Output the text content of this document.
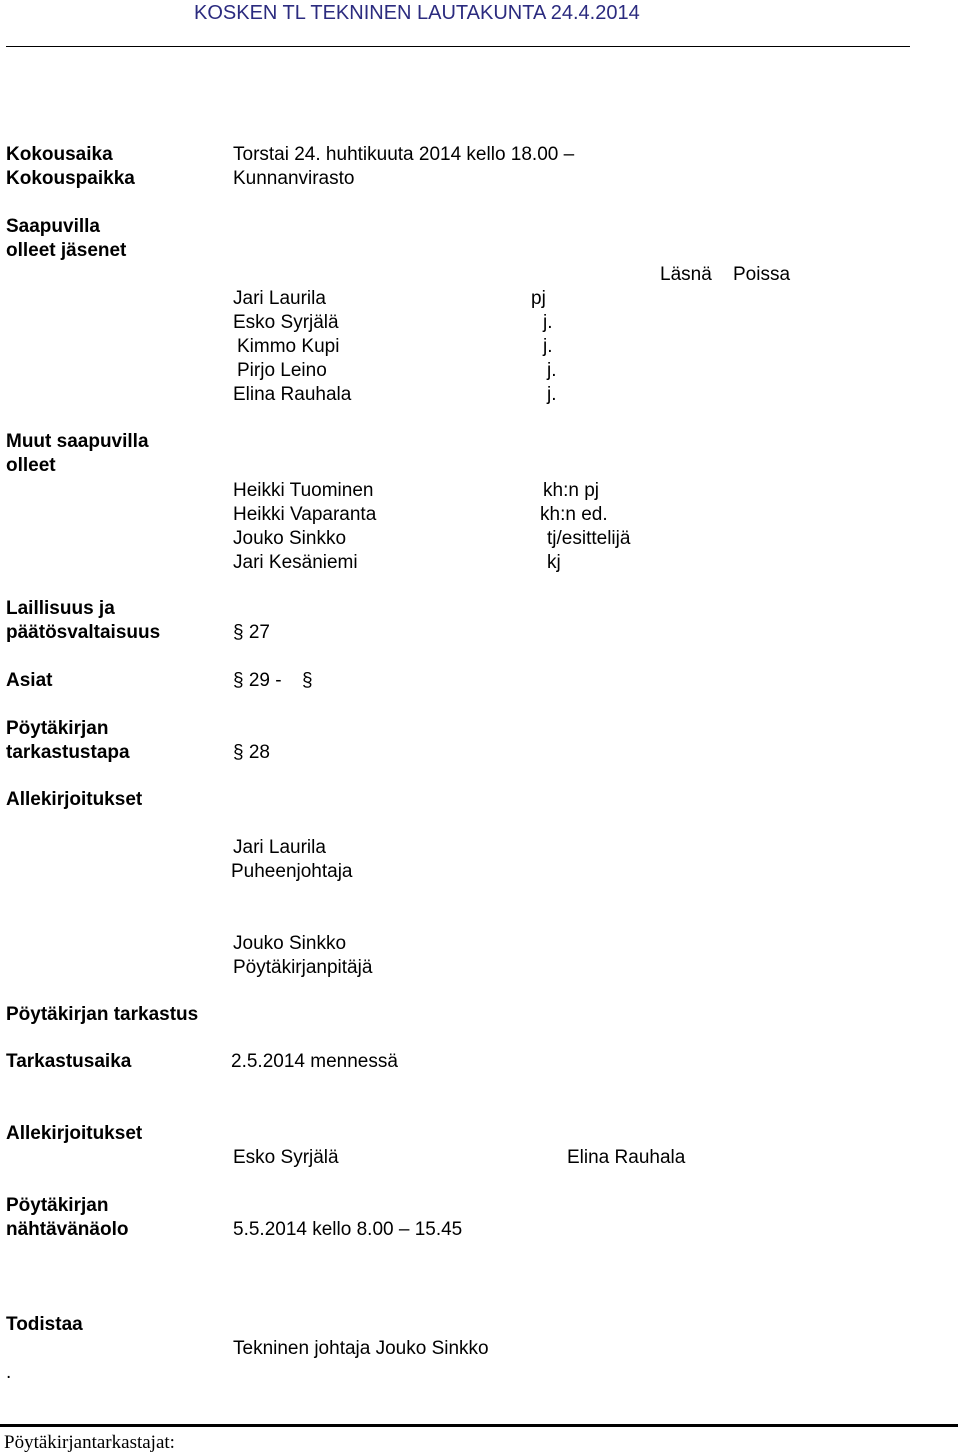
KOSKEN TL TEKNINEN LAUTAKUNTA 24.4.2014
Kokousaika	Torstai 24. huhtikuuta 2014 kello 18.00 –
Kokouspaikka	Kunnanvirasto
Saapuvilla
olleet jäsenet
Läsnä Poissa
Jari Laurila	pj
Esko Syrjälä	j.
Kimmo Kupi	j.
Pirjo Leino	j.
Elina Rauhala	j.
Muut saapuvilla
olleet
Heikki Tuominen	kh:n pj
Heikki Vaparanta	kh:n ed.
Jouko Sinkko	tj/esittelijä
Jari Kesäniemi	kj
Laillisuus ja
päätösvaltaisuus	§ 27
Asiat	§ 29 - §
Pöytäkirjan
tarkastustapa	§ 28
Allekirjoitukset
Jari Laurila
Puheenjohtaja
Jouko Sinkko
Pöytäkirjanpitäjä
Pöytäkirjan tarkastus
Tarkastusaika	2.5.2014 mennessä
Allekirjoitukset
Esko Syrjälä	Elina Rauhala
Pöytäkirjan
nähtävänäolo	5.5.2014 kello 8.00 – 15.45
Todistaa
Tekninen johtaja Jouko Sinkko
.
Pöytäkirjantarkastajat:
